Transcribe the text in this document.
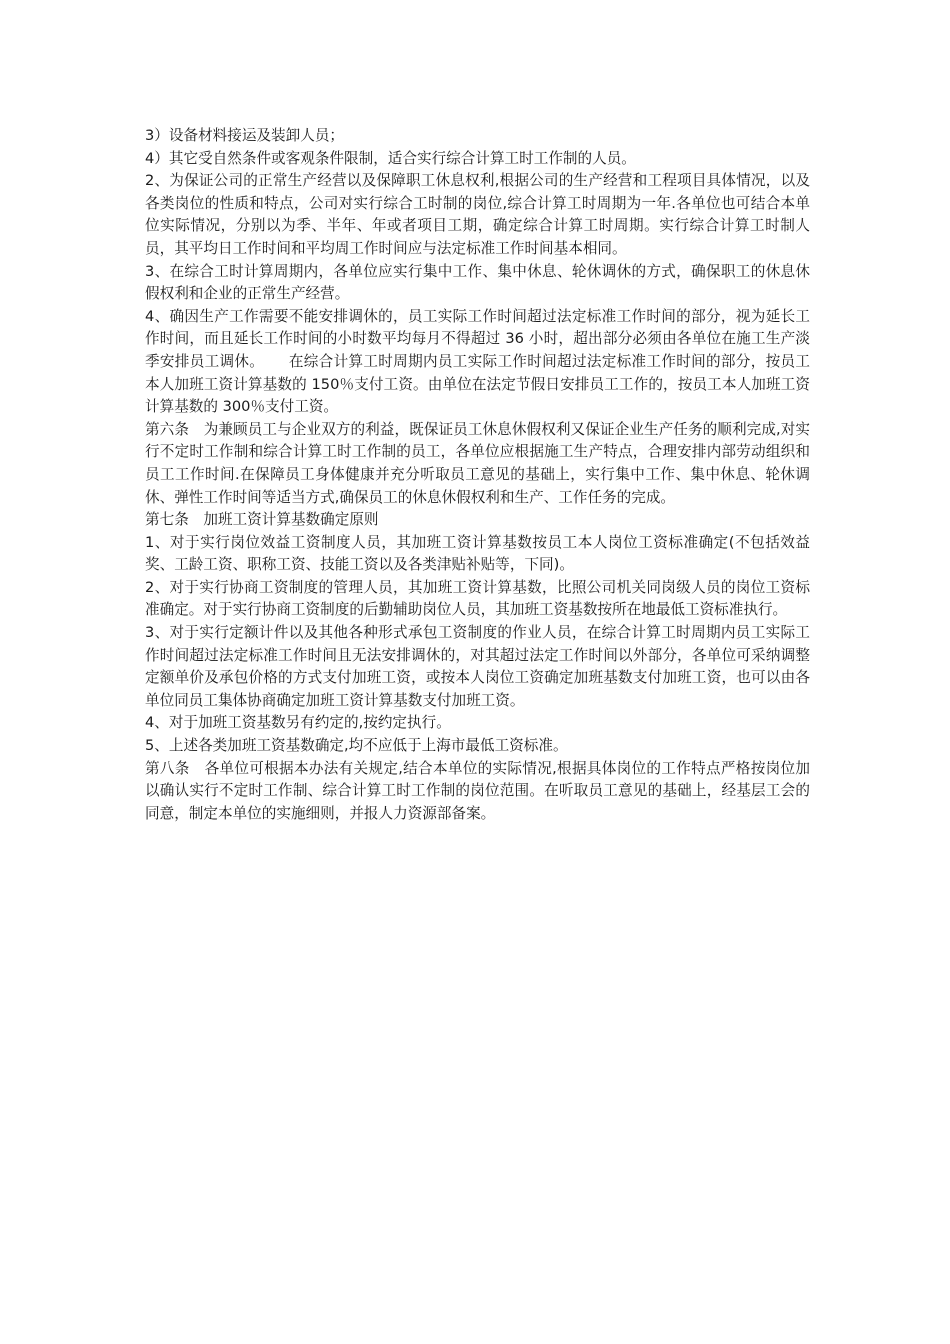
3）设备材料接运及装卸人员；

4）其它受自然条件或客观条件限制，适合实行综合计算工时工作制的人员。

2、为保证公司的正常生产经营以及保障职工休息权利,根据公司的生产经营和工程项目具体情况，以及各类岗位的性质和特点，公司对实行综合工时制的岗位,综合计算工时周期为一年.各单位也可结合本单位实际情况，分别以为季、半年、年或者项目工期，确定综合计算工时周期。实行综合计算工时制人员，其平均日工作时间和平均周工作时间应与法定标准工作时间基本相同。

3、在综合工时计算周期内，各单位应实行集中工作、集中休息、轮休调休的方式，确保职工的休息休假权利和企业的正常生产经营。

4、确因生产工作需要不能安排调休的，员工实际工作时间超过法定标准工作时间的部分，视为延长工作时间，而且延长工作时间的小时数平均每月不得超过 36 小时，超出部分必须由各单位在施工生产淡季安排员工调休。     在综合计算工时周期内员工实际工作时间超过法定标准工作时间的部分，按员工本人加班工资计算基数的 150％支付工资。由单位在法定节假日安排员工工作的，按员工本人加班工资计算基数的 300％支付工资。

第六条　为兼顾员工与企业双方的利益，既保证员工休息休假权利又保证企业生产任务的顺利完成,对实行不定时工作制和综合计算工时工作制的员工，各单位应根据施工生产特点，合理安排内部劳动组织和员工工作时间.在保障员工身体健康并充分听取员工意见的基础上，实行集中工作、集中休息、轮休调休、弹性工作时间等适当方式,确保员工的休息休假权利和生产、工作任务的完成。

第七条　加班工资计算基数确定原则

1、对于实行岗位效益工资制度人员，其加班工资计算基数按员工本人岗位工资标准确定(不包括效益奖、工龄工资、职称工资、技能工资以及各类津贴补贴等，下同)。

2、对于实行协商工资制度的管理人员，其加班工资计算基数，比照公司机关同岗级人员的岗位工资标准确定。对于实行协商工资制度的后勤辅助岗位人员，其加班工资基数按所在地最低工资标准执行。

3、对于实行定额计件以及其他各种形式承包工资制度的作业人员，在综合计算工时周期内员工实际工作时间超过法定标准工作时间且无法安排调休的，对其超过法定工作时间以外部分，各单位可采纳调整定额单价及承包价格的方式支付加班工资，或按本人岗位工资确定加班基数支付加班工资，也可以由各单位同员工集体协商确定加班工资计算基数支付加班工资。

4、对于加班工资基数另有约定的,按约定执行。

5、上述各类加班工资基数确定,均不应低于上海市最低工资标准。

第八条　各单位可根据本办法有关规定,结合本单位的实际情况,根据具体岗位的工作特点严格按岗位加以确认实行不定时工作制、综合计算工时工作制的岗位范围。在听取员工意见的基础上，经基层工会的同意，制定本单位的实施细则，并报人力资源部备案。
